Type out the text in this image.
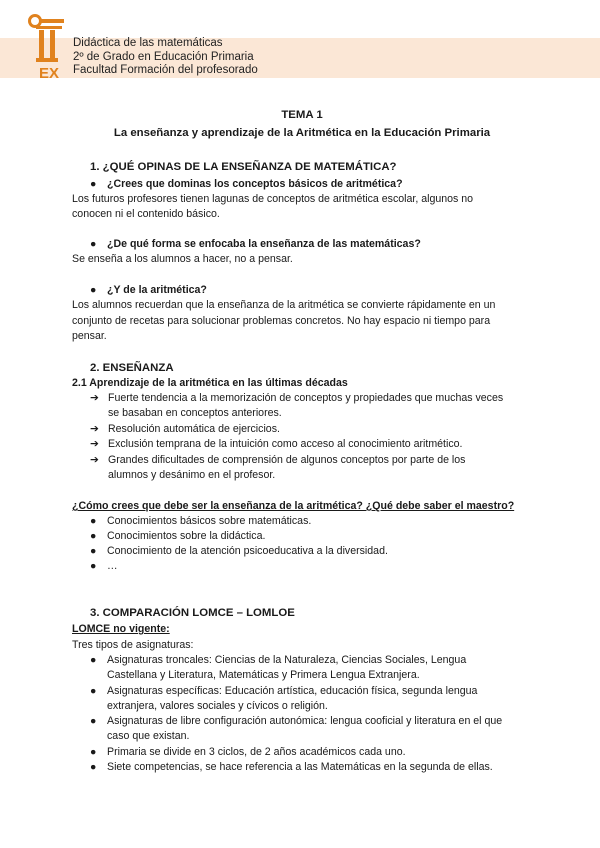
EX
Didáctica de las matemáticas
2º de Grado en Educación Primaria
Facultad Formación del profesorado
TEMA 1
La enseñanza y aprendizaje de la Aritmética en la Educación Primaria
1. ¿QUÉ OPINAS DE LA ENSEÑANZA DE MATEMÁTICA?
● ¿Crees que dominas los conceptos básicos de aritmética?
Los futuros profesores tienen lagunas de conceptos de aritmética escolar, algunos no
conocen ni el contenido básico.
● ¿De qué forma se enfocaba la enseñanza de las matemáticas?
Se enseña a los alumnos a hacer, no a pensar.
● ¿Y de la aritmética?
Los alumnos recuerdan que la enseñanza de la aritmética se convierte rápidamente en un
conjunto de recetas para solucionar problemas concretos. No hay espacio ni tiempo para
pensar.
2. ENSEÑANZA
2.1 Aprendizaje de la aritmética en las últimas décadas
➔ Fuerte tendencia a la memorización de conceptos y propiedades que muchas veces
se basaban en conceptos anteriores.
➔ Resolución automática de ejercicios.
➔ Exclusión temprana de la intuición como acceso al conocimiento aritmético.
➔ Grandes dificultades de comprensión de algunos conceptos por parte de los
alumnos y desánimo en el profesor.
¿Cómo crees que debe ser la enseñanza de la aritmética? ¿Qué debe saber el maestro?
● Conocimientos básicos sobre matemáticas.
● Conocimientos sobre la didáctica.
● Conocimiento de la atención psicoeducativa a la diversidad.
● …
3. COMPARACIÓN LOMCE – LOMLOE
LOMCE no vigente:
Tres tipos de asignaturas:
● Asignaturas troncales: Ciencias de la Naturaleza, Ciencias Sociales, Lengua
Castellana y Literatura, Matemáticas y Primera Lengua Extranjera.
● Asignaturas específicas: Educación artística, educación física, segunda lengua
extranjera, valores sociales y cívicos o religión.
● Asignaturas de libre configuración autonómica: lengua cooficial y literatura en el que
caso que existan.
● Primaria se divide en 3 ciclos, de 2 años académicos cada uno.
● Siete competencias, se hace referencia a las Matemáticas en la segunda de ellas.
